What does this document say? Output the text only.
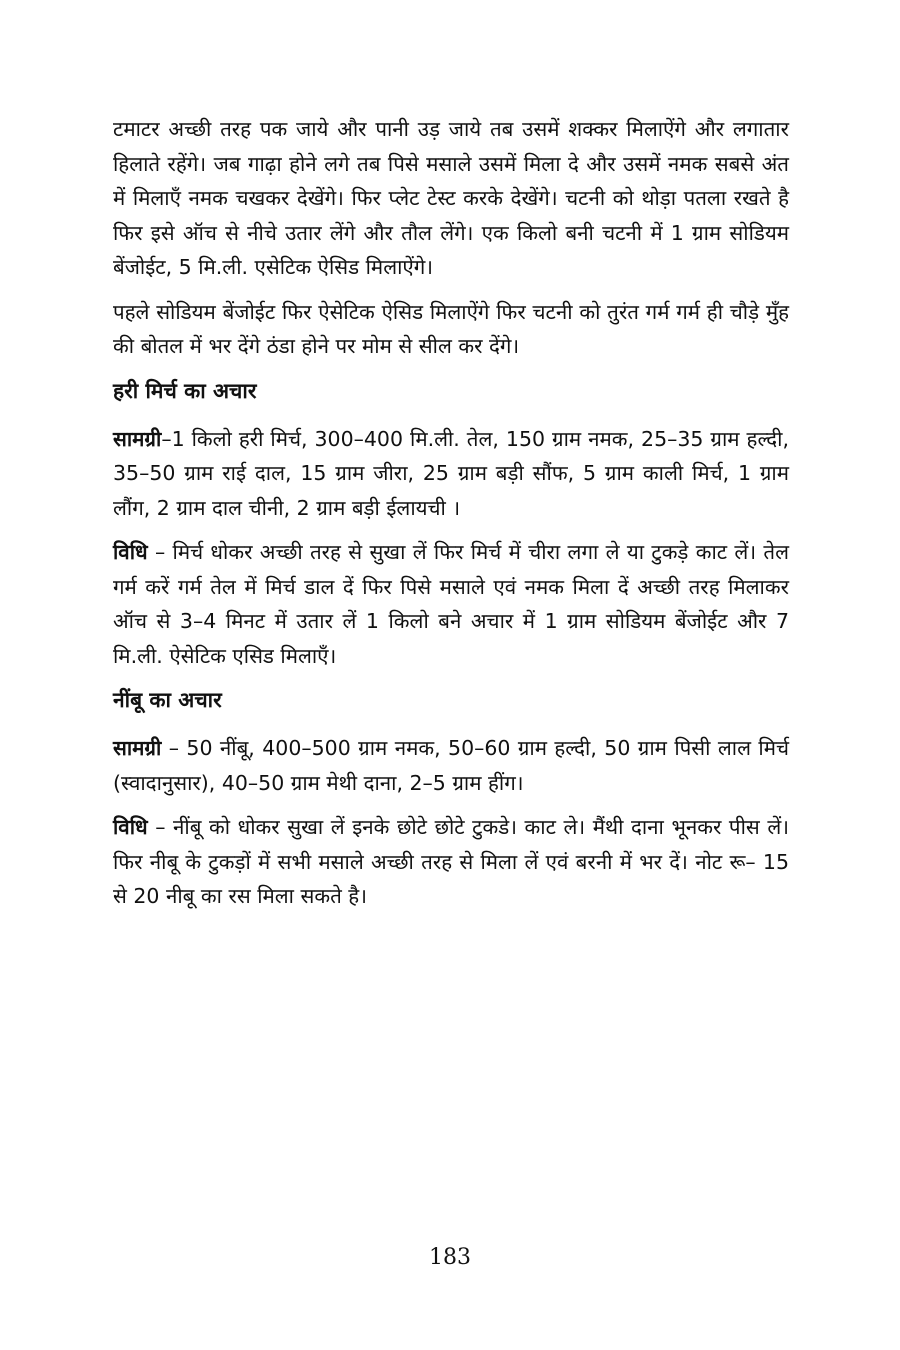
टमाटर अच्छी तरह पक जाये और पानी उड़ जाये तब उसमें शक्कर मिलाऐंगे और लगातार हिलाते रहेंगे। जब गाढ़ा होने लगे तब पिसे मसाले उसमें मिला दे और उसमें नमक सबसे अंत में मिलाएँ नमक चखकर देखेंगे। फिर प्लेट टेस्ट करके देखेंगे। चटनी को थोड़ा पतला रखते है फिर इसे ऑच से नीचे उतार लेंगे और तौल लेंगे। एक किलो बनी चटनी में 1 ग्राम सोडियम बेंजोईट, 5 मि.ली. एसेटिक ऐसिड मिलाऐंगे।

पहले सोडियम बेंजोईट फिर ऐसेटिक ऐसिड मिलाऐंगे फिर चटनी को तुरंत गर्म गर्म ही चौड़े मुँह की बोतल में भर देंगे ठंडा होने पर मोम से सील कर देंगे।

हरी मिर्च का अचार

सामग्री–1 किलो हरी मिर्च, 300–400 मि.ली. तेल, 150 ग्राम नमक, 25–35 ग्राम हल्दी, 35–50 ग्राम राई दाल, 15 ग्राम जीरा, 25 ग्राम बड़ी सौंफ, 5 ग्राम काली मिर्च, 1 ग्राम लौंग, 2 ग्राम दाल चीनी, 2 ग्राम बड़ी ईलायची ।

विधि – मिर्च धोकर अच्छी तरह से सुखा लें फिर मिर्च में चीरा लगा ले या टुकड़े काट लें। तेल गर्म करें गर्म तेल में मिर्च डाल दें फिर पिसे मसाले एवं नमक मिला दें अच्छी तरह मिलाकर ऑच से 3–4 मिनट में उतार लें 1 किलो बने अचार में 1 ग्राम सोडियम बेंजोईट और 7 मि.ली. ऐसेटिक एसिड मिलाएँ।

नींबू का अचार

सामग्री – 50 नींबू, 400–500 ग्राम नमक, 50–60 ग्राम हल्दी, 50 ग्राम पिसी लाल मिर्च (स्वादानुसार), 40–50 ग्राम मेथी दाना, 2–5 ग्राम हींग।

विधि – नींबू को धोकर सुखा लें इनके छोटे छोटे टुकडे। काट ले। मैंथी दाना भूनकर पीस लें। फिर नीबू के टुकड़ों में सभी मसाले अच्छी तरह से मिला लें एवं बरनी में भर दें। नोट रू– 15 से 20 नीबू का रस मिला सकते है।

183
